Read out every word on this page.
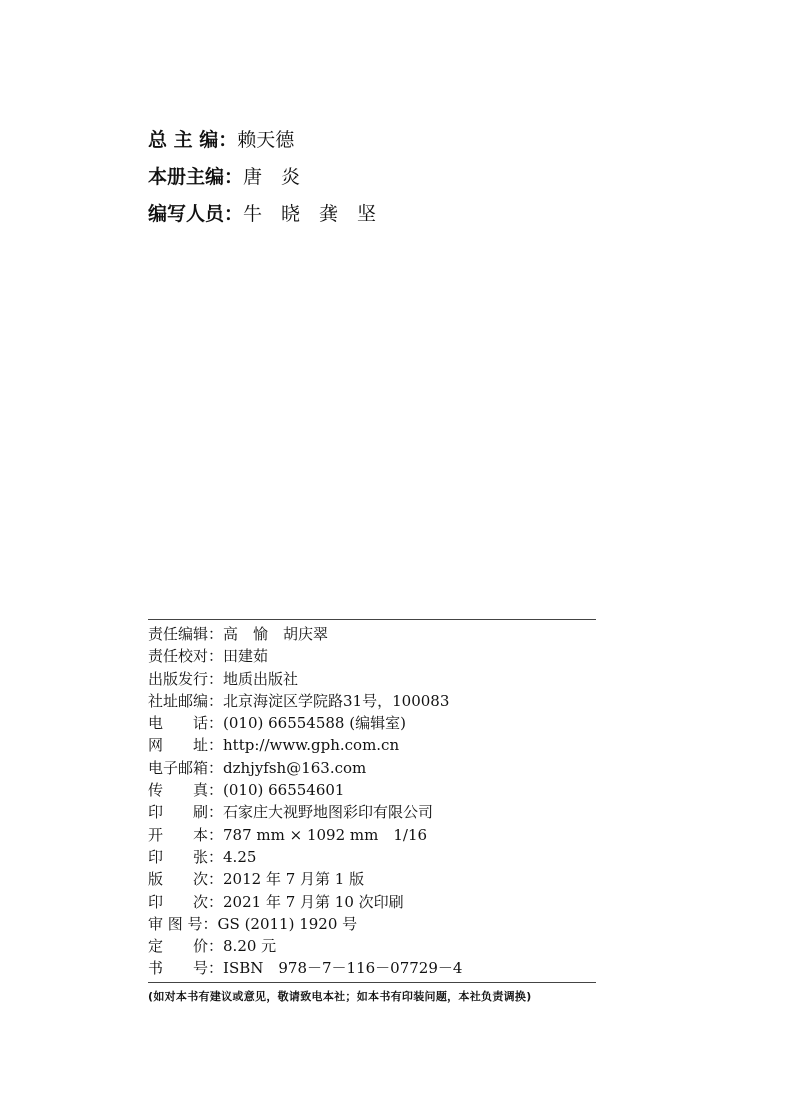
总 主 编：赖天德
本册主编：唐　炎
编写人员：牛　晓　龚　坚
责任编辑：高　愉　胡庆翠
责任校对：田建茹
出版发行：地质出版社
社址邮编：北京海淀区学院路31号，100083
电　　话：(010) 66554588 (编辑室)
网　　址：http://www.gph.com.cn
电子邮箱：dzhjyfsh@163.com
传　　真：(010) 66554601
印　　刷：石家庄大视野地图彩印有限公司
开　　本：787 mm × 1092 mm　1/16
印　　张：4.25
版　　次：2012 年 7 月第 1 版
印　　次：2021 年 7 月第 10 次印刷
审 图 号：GS (2011) 1920 号
定　　价：8.20 元
书　　号：ISBN　978－7－116－07729－4
(如对本书有建议或意见，敬请致电本社；如本书有印装问题，本社负责调换)
